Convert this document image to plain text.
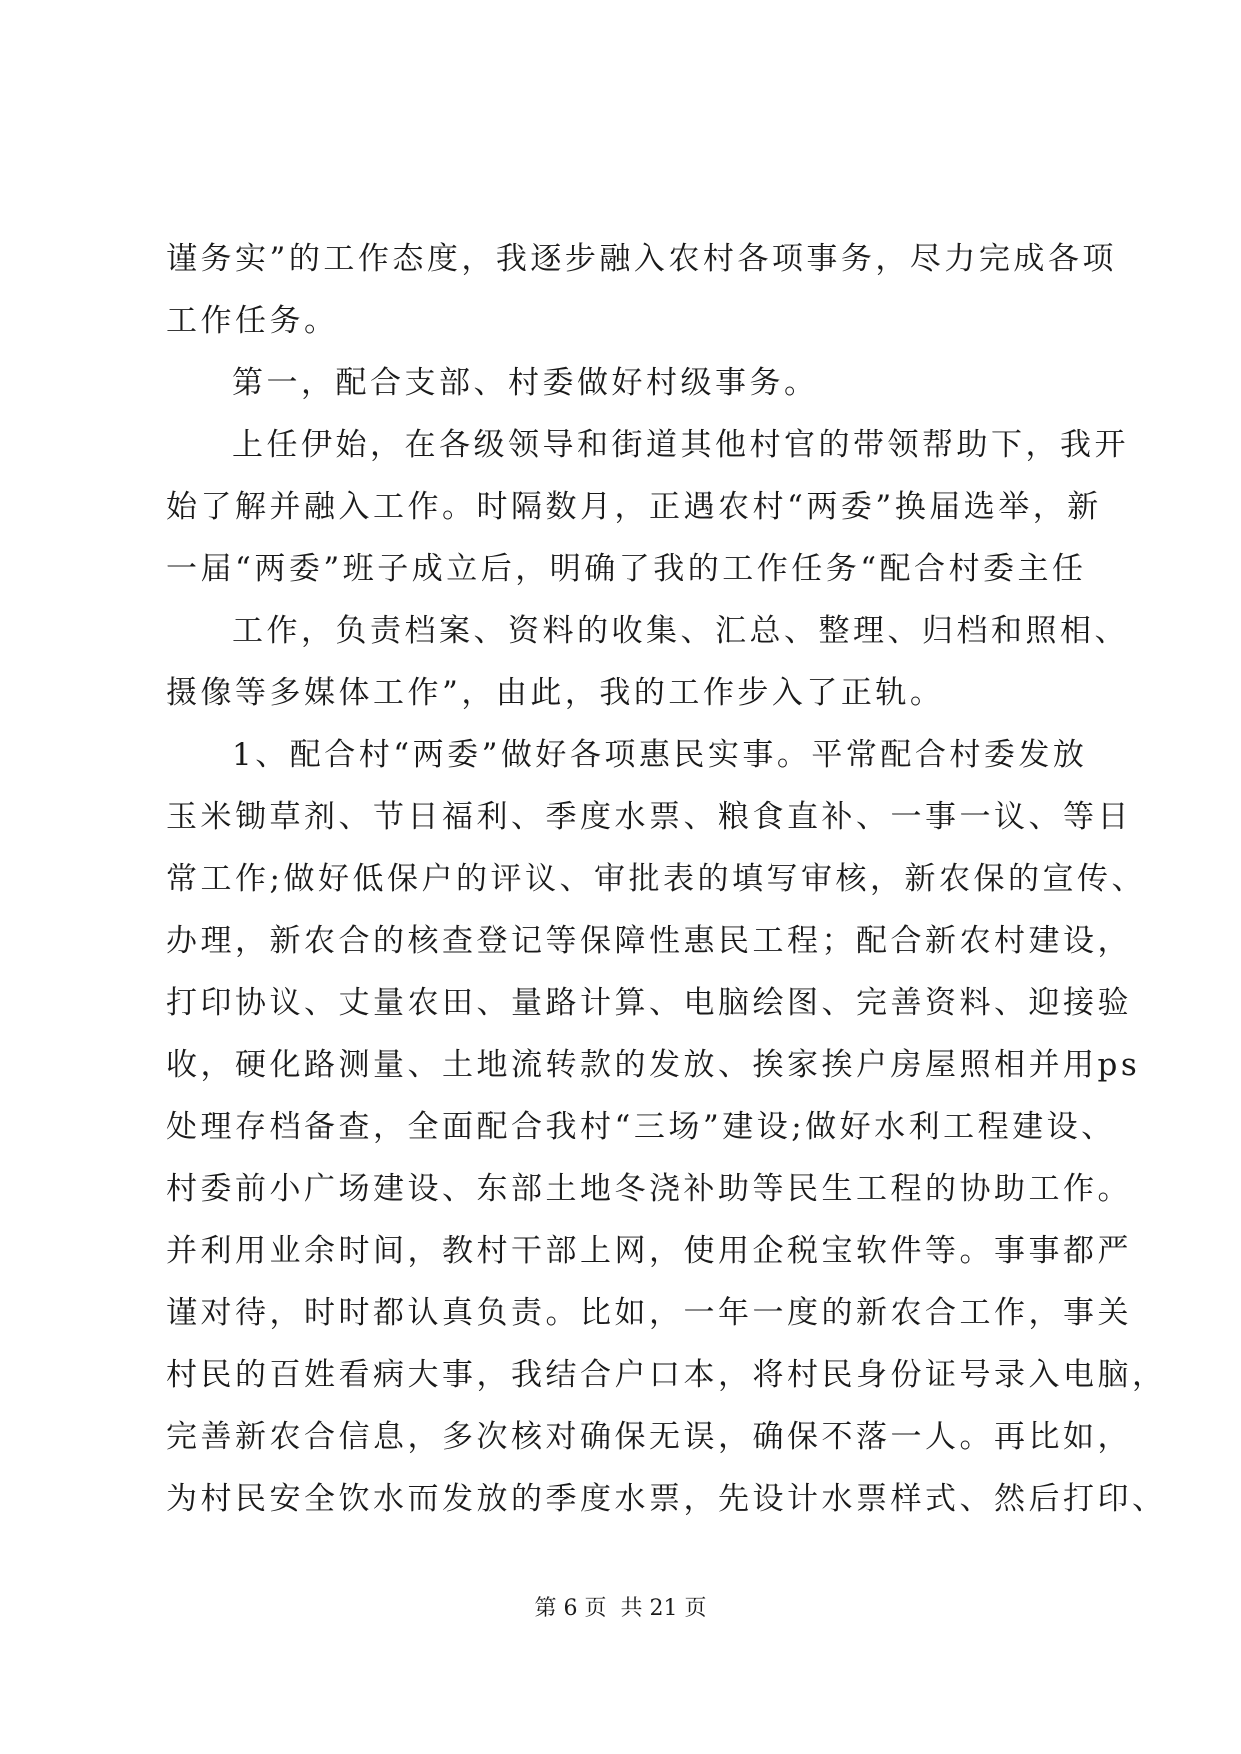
谨务实”的工作态度，我逐步融入农村各项事务，尽力完成各项
工作任务。
第一，配合支部、村委做好村级事务。
上任伊始，在各级领导和街道其他村官的带领帮助下，我开
始了解并融入工作。时隔数月，正遇农村“两委”换届选举，新
一届“两委”班子成立后，明确了我的工作任务“配合村委主任
工作，负责档案、资料的收集、汇总、整理、归档和照相、
摄像等多媒体工作”，由此，我的工作步入了正轨。
1、配合村“两委”做好各项惠民实事。平常配合村委发放
玉米锄草剂、节日福利、季度水票、粮食直补、一事一议、等日
常工作;做好低保户的评议、审批表的填写审核，新农保的宣传、
办理，新农合的核查登记等保障性惠民工程；配合新农村建设，
打印协议、丈量农田、量路计算、电脑绘图、完善资料、迎接验
收，硬化路测量、土地流转款的发放、挨家挨户房屋照相并用ps
处理存档备查，全面配合我村“三场”建设;做好水利工程建设、
村委前小广场建设、东部土地冬浇补助等民生工程的协助工作。
并利用业余时间，教村干部上网，使用企税宝软件等。事事都严
谨对待，时时都认真负责。比如，一年一度的新农合工作，事关
村民的百姓看病大事，我结合户口本，将村民身份证号录入电脑，
完善新农合信息，多次核对确保无误，确保不落一人。再比如，
为村民安全饮水而发放的季度水票，先设计水票样式、然后打印、
第 6 页  共 21 页
